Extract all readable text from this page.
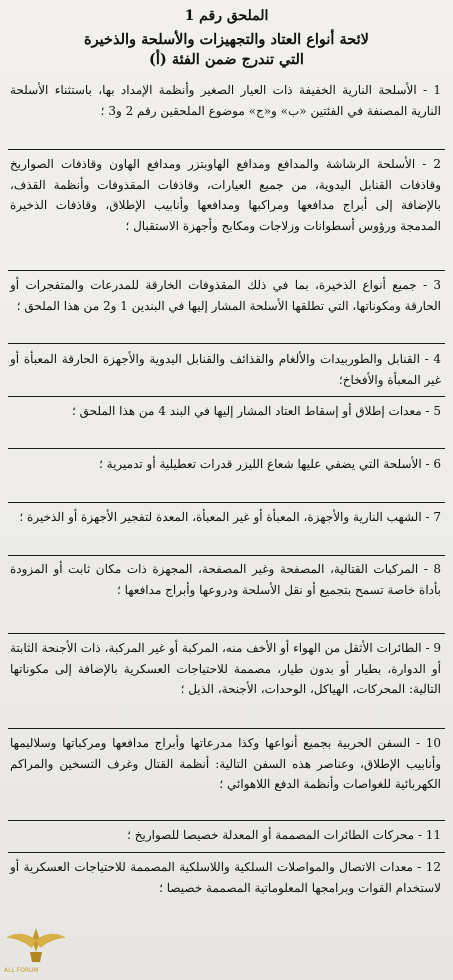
الملحق رقم 1
لائحة أنواع العتاد والتجهيزات والأسلحة والذخيرة
التي تندرج ضمن الفئة (أ)
1 - الأسلحة النارية الخفيفة ذات العيار الصغير وأنظمة الإمداد بها، باستثناء الأسلحة النارية المصنفة في الفئتين «ب» و«ج» موضوع الملحقين رقم 2 و3 ؛
2 - الأسلحة الرشاشة والمدافع ومدافع الهاوبتزر ومدافع الهاون وقاذفات الصواريخ وقاذفات القنابل اليدوية، من جميع العيارات، وقاذفات المقذوفات وأنظمة القذف، بالإضافة إلى أبراج مدافعها ومراكبها ومدافعها وأنابيب الإطلاق، وقاذفات الذخيرة المدمجة ورؤوس أسطوانات وزلاجات ومكابح وأجهزة الاستقبال ؛
3 - جميع أنواع الذخيرة، بما في ذلك المقذوفات الخارقة للمدرعات والمتفجرات أو الحارقة ومكوناتها، التي تطلقها الأسلحة المشار إليها في البندين 1 و2 من هذا الملحق ؛
4 - القنابل والطوربيدات والألغام والقذائف والقنابل اليدوية والأجهزة الحارقة المعبأة أو غير المعبأة والأفخاخ؛
5 - معدات إطلاق أو إسقاط العتاد المشار إليها في البند 4 من هذا الملحق ؛
6 - الأسلحة التي يضفي عليها شعاع الليزر قدرات تعطيلية أو تدميرية ؛
7 - الشهب النارية والأجهزة، المعبأة أو غير المعبأة، المعدة لتفجير الأجهزة أو الذخيرة ؛
8 - المركبات القتالية، المصفحة وغير المصفحة، المجهزة ذات مكان ثابت أو المزودة بأداة خاصة تسمح بتجميع أو نقل الأسلحة ودروعها وأبراج مدافعها ؛
9 - الطائرات الأثقل من الهواء أو الأخف منه، المركبة أو غير المركبة، ذات الأجنحة الثابتة أو الدوارة، بطيار أو بدون طيار، مصممة للاحتياجات العسكرية بالإضافة إلى مكوناتها التالية: المحركات، الهياكل، الوحدات، الأجنحة، الذيل ؛
10 - السفن الحربية بجميع أنواعها وكذا مدرعاتها وأبراج مدافعها ومركباتها وسلاليمها وأنابيب الإطلاق، وعناصر هذه السفن التالية: أنظمة القتال وغرف التسخين والمراكم الكهربائية للغواصات وأنظمة الدفع اللاهوائي ؛
11 - محركات الطائرات المصممة أو المعدلة خصيصا للصواريخ ؛
12 - معدات الاتصال والمواصلات السلكية واللاسلكية المصممة للاحتياجات العسكرية أو لاستخدام القوات وبرامجها المعلوماتية المصممة خصيصا ؛
ALL FORUM
